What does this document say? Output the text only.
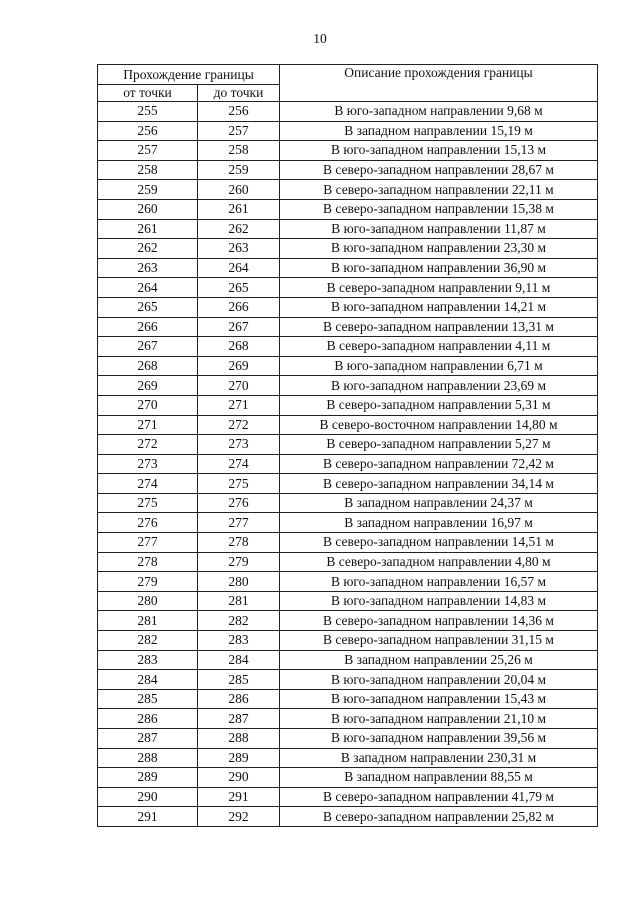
10
Прохождение границы		Описание прохождения границы
от точки	до точки	
255	256	В юго-западном направлении 9,68 м
256	257	В западном направлении 15,19 м
257	258	В юго-западном направлении 15,13 м
258	259	В северо-западном направлении 28,67 м
259	260	В северо-западном направлении 22,11 м
260	261	В северо-западном направлении 15,38 м
261	262	В юго-западном направлении 11,87 м
262	263	В юго-западном направлении 23,30 м
263	264	В юго-западном направлении 36,90 м
264	265	В северо-западном направлении 9,11 м
265	266	В юго-западном направлении 14,21 м
266	267	В северо-западном направлении 13,31 м
267	268	В северо-западном направлении 4,11 м
268	269	В юго-западном направлении 6,71 м
269	270	В юго-западном направлении 23,69 м
270	271	В северо-западном направлении 5,31 м
271	272	В северо-восточном направлении 14,80 м
272	273	В северо-западном направлении 5,27 м
273	274	В северо-западном направлении 72,42 м
274	275	В северо-западном направлении 34,14 м
275	276	В западном направлении 24,37 м
276	277	В западном направлении 16,97 м
277	278	В северо-западном направлении 14,51 м
278	279	В северо-западном направлении 4,80 м
279	280	В юго-западном направлении 16,57 м
280	281	В юго-западном направлении 14,83 м
281	282	В северо-западном направлении 14,36 м
282	283	В северо-западном направлении 31,15 м
283	284	В западном направлении 25,26 м
284	285	В юго-западном направлении 20,04 м
285	286	В юго-западном направлении 15,43 м
286	287	В юго-западном направлении 21,10 м
287	288	В юго-западном направлении 39,56 м
288	289	В западном направлении 230,31 м
289	290	В западном направлении 88,55 м
290	291	В северо-западном направлении 41,79 м
291	292	В северо-западном направлении 25,82 м
